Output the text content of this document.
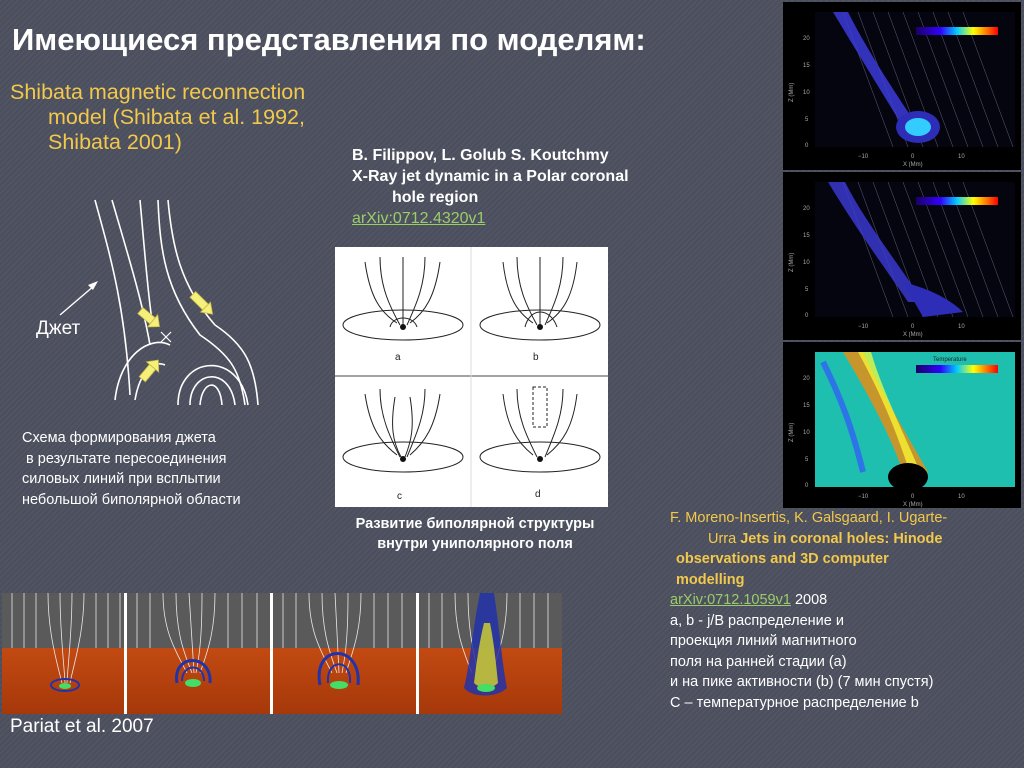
Имеющиеся представления по моделям:
Shibata magnetic reconnection
model (Shibata et al. 1992,
Shibata 2001)
B. Filippov, L. Golub S. Koutchmy
X-Ray jet dynamic in a Polar coronal
hole region
arXiv:0712.4320v1
Джет
Схема формирования джета
в результате пересоединения
силовых линий при всплытии
небольшой биполярной области
a	b
c	d
Развитие биполярной структуры
внутри униполярного поля
20
15
10
5
0
−10	0	10
X (Mm)
Z (Mm)
20
15
10
5
0
−10	0	10
X (Mm)
Z (Mm)
Temperature
20
15
10
5
0
−10	0	10
X (Mm)
Z (Mm)
F. Moreno-Insertis, K. Galsgaard, I. Ugarte-
Urra Jets in coronal holes: Hinode
observations and 3D computer
modelling
arXiv:0712.1059v1 2008
a, b - j/B распределение и
проекция линий магнитного
поля на ранней стадии (a)
и на пике активности (b) (7 мин спустя)
C – температурное распределение b
Pariat et al. 2007
